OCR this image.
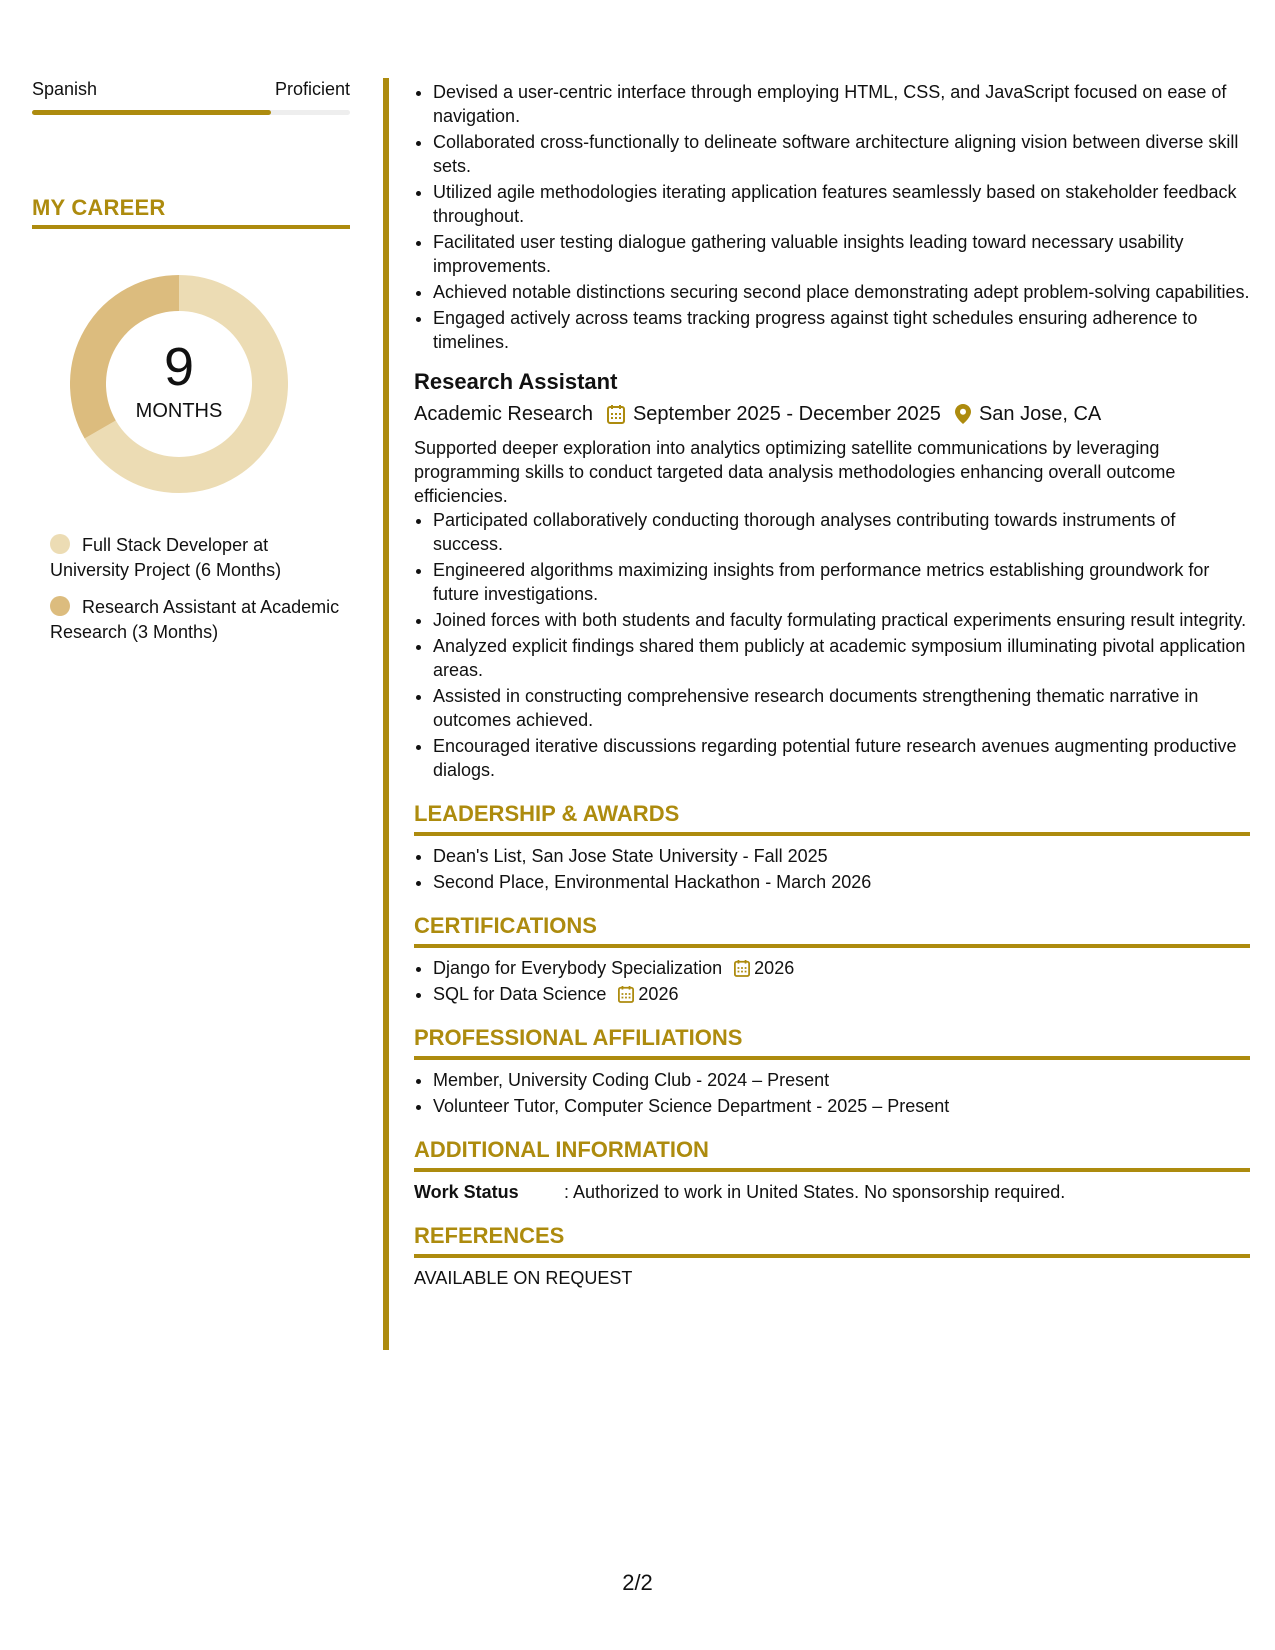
Spanish	Proficient
MY CAREER
9
MONTHS
Full Stack Developer at University Project (6 Months)
Research Assistant at Academic Research (3 Months)
• Devised a user-centric interface through employing HTML, CSS, and JavaScript focused on ease of navigation.
• Collaborated cross-functionally to delineate software architecture aligning vision between diverse skill sets.
• Utilized agile methodologies iterating application features seamlessly based on stakeholder feedback throughout.
• Facilitated user testing dialogue gathering valuable insights leading toward necessary usability improvements.
• Achieved notable distinctions securing second place demonstrating adept problem-solving capabilities.
• Engaged actively across teams tracking progress against tight schedules ensuring adherence to timelines.
Research Assistant
Academic Research September 2025 - December 2025 San Jose, CA
Supported deeper exploration into analytics optimizing satellite communications by leveraging programming skills to conduct targeted data analysis methodologies enhancing overall outcome efficiencies.
• Participated collaboratively conducting thorough analyses contributing towards instruments of success.
• Engineered algorithms maximizing insights from performance metrics establishing groundwork for future investigations.
• Joined forces with both students and faculty formulating practical experiments ensuring result integrity.
• Analyzed explicit findings shared them publicly at academic symposium illuminating pivotal application areas.
• Assisted in constructing comprehensive research documents strengthening thematic narrative in outcomes achieved.
• Encouraged iterative discussions regarding potential future research avenues augmenting productive dialogs.
LEADERSHIP & AWARDS
• Dean's List, San Jose State University - Fall 2025
• Second Place, Environmental Hackathon - March 2026
CERTIFICATIONS
• Django for Everybody Specialization 2026
• SQL for Data Science 2026
PROFESSIONAL AFFILIATIONS
• Member, University Coding Club - 2024 – Present
• Volunteer Tutor, Computer Science Department - 2025 – Present
ADDITIONAL INFORMATION
Work Status	: Authorized to work in United States. No sponsorship required.
REFERENCES
AVAILABLE ON REQUEST
2/2
